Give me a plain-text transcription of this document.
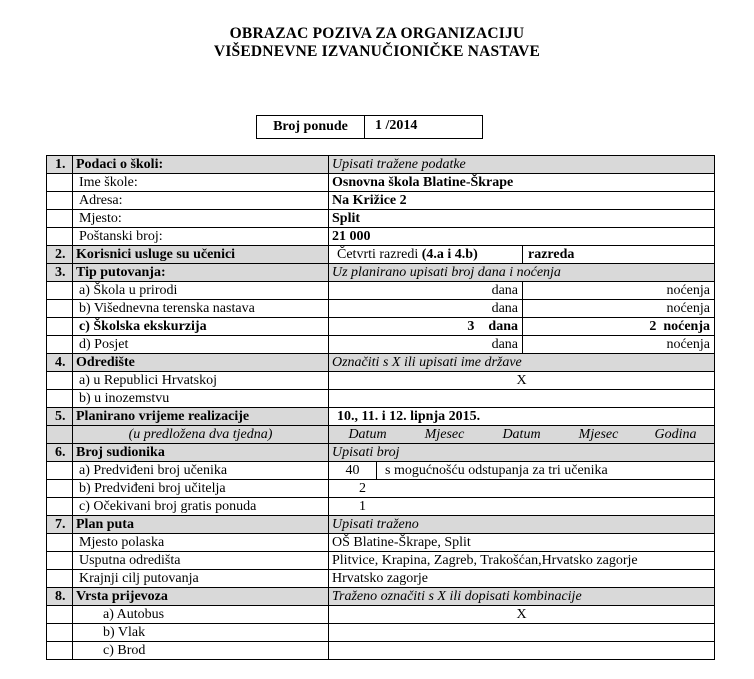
OBRAZAC POZIVA ZA ORGANIZACIJU
VIŠEDNEVNE IZVANUČIONIČKE NASTAVE
Broj ponude	1 /2014
1.	Podaci o školi:	Upisati tražene podatke		
	Ime škole:	Osnovna škola Blatine-Škrape		
	Adresa:	Na Križice 2		
	Mjesto:	Split		
	Poštanski broj:	21 000		
2.	Korisnici usluge su učenici	Četvrti razredi (4.a i 4.b)		razreda
3.	Tip putovanja:	Uz planirano upisati broj dana i noćenja		
	a) Škola u prirodi	dana		noćenja
	b) Višednevna terenska nastava	dana		noćenja
	c) Školska ekskurzija	3 dana		2 noćenja
	d) Posjet	dana		noćenja
4.	Odredište	Označiti s X ili upisati ime države		
	a) u Republici Hrvatskoj	X		
	b) u inozemstvu			
5.	Planirano vrijeme realizacije	10., 11. i 12. lipnja 2015.		
	(u predložena dva tjedna)	Datum Mjesec Datum Mjesec Godina		

6.	Broj sudionika	Upisati broj		
	a) Predviđeni broj učenika	40	s mogućnošću odstupanja za tri učenika	
	b) Predviđeni broj učitelja	2		
	c) Očekivani broj gratis ponuda	1		
7.	Plan puta	Upisati traženo		
	Mjesto polaska	OŠ Blatine-Škrape, Split		
	Usputna odredišta	Plitvice, Krapina, Zagreb, Trakošćan,Hrvatsko zagorje		
	Krajnji cilj putovanja	Hrvatsko zagorje		
8.	Vrsta prijevoza	Traženo označiti s X ili dopisati kombinacije		
	a) Autobus	X		
	b) Vlak			
	c) Brod			
